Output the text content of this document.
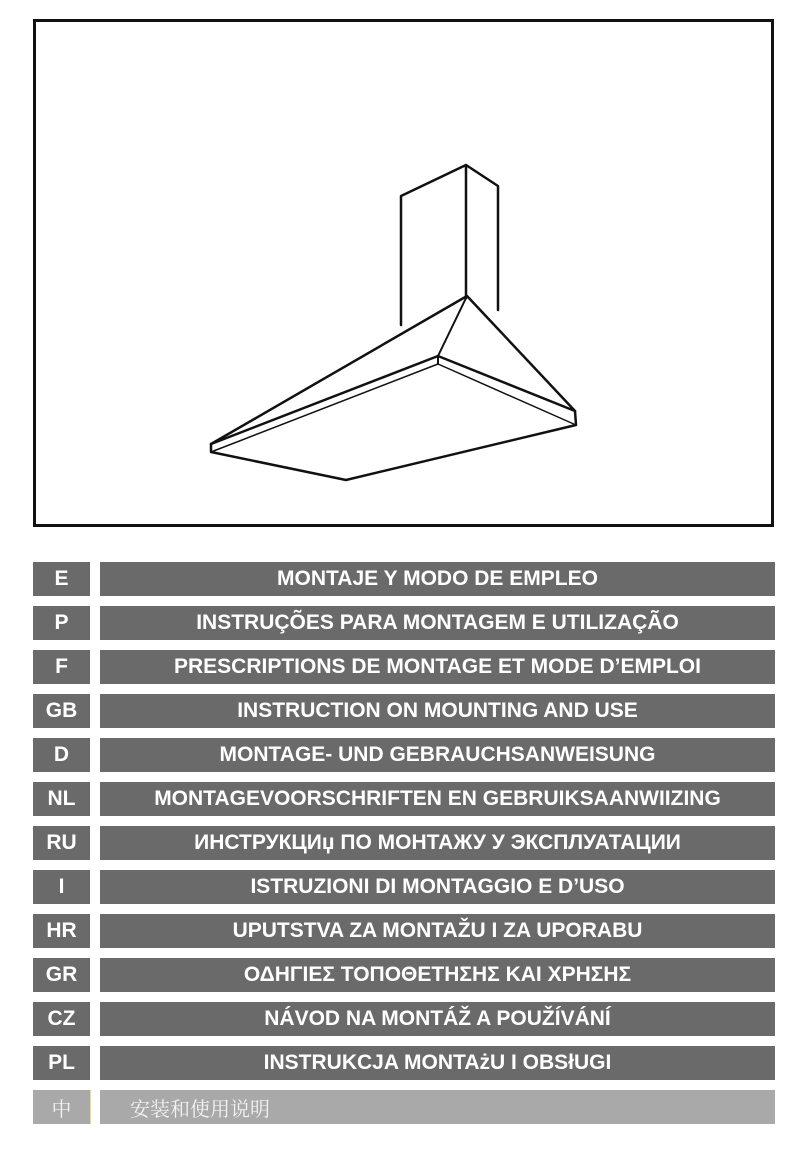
E	MONTAJE Y MODO DE EMPLEO
P	INSTRUÇÕES PARA MONTAGEM E UTILIZAÇÃO
F	PRESCRIPTIONS DE MONTAGE ET MODE D’EMPLOI
GB	INSTRUCTION ON MOUNTING AND USE
D	MONTAGE- UND GEBRAUCHSANWEISUNG
NL	MONTAGEVOORSCHRIFTEN EN GEBRUIKSAANWIIZING
RU	ИНСТРУКЦИџ ПО МОНТАЖУ У ЭКСПЛУАТАЦИИ
I	ISTRUZIONI DI MONTAGGIO E D’USO
HR	UPUTSTVA ZA MONTAŽU I ZA UPORABU
GR	ΟΔΗΓΙΕΣ ΤΟΠΟΘΕΤΗΣΗΣ ΚΑΙ ΧΡΗΣΗΣ
CZ	NÁVOD NA MONTÁŽ A POUŽÍVÁNÍ
PL	INSTRUKCJA MONTAżU I OBSłUGI
中	安装和使用说明
